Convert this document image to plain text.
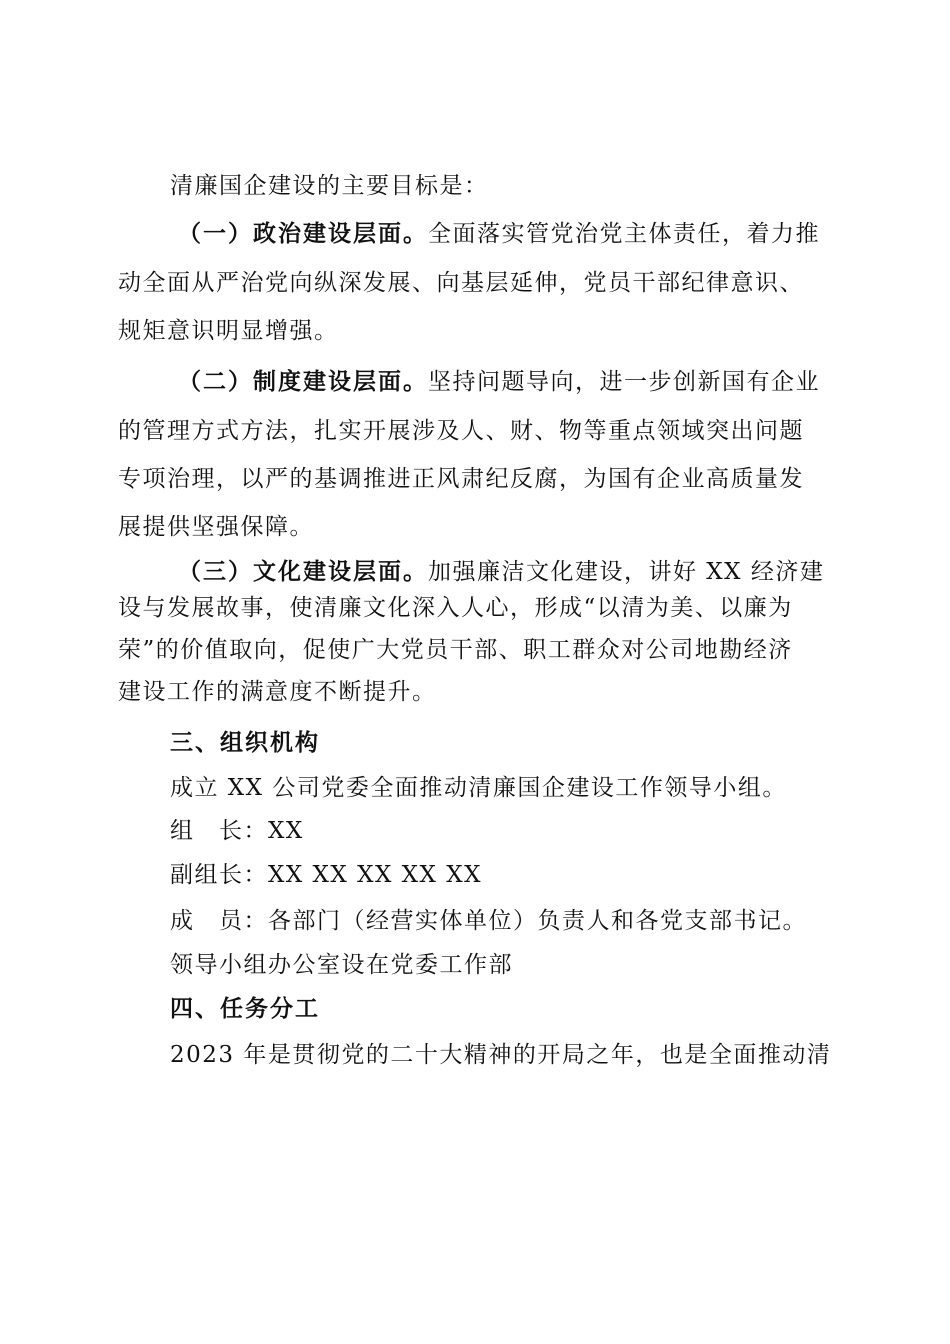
清廉国企建设的主要目标是：
（一）政治建设层面。全面落实管党治党主体责任，着力推
动全面从严治党向纵深发展、向基层延伸，党员干部纪律意识、
规矩意识明显增强。
（二）制度建设层面。坚持问题导向，进一步创新国有企业
的管理方式方法，扎实开展涉及人、财、物等重点领域突出问题
专项治理，以严的基调推进正风肃纪反腐，为国有企业高质量发
展提供坚强保障。
（三）文化建设层面。加强廉洁文化建设，讲好 XX 经济建
设与发展故事，使清廉文化深入人心，形成“以清为美、以廉为
荣”的价值取向，促使广大党员干部、职工群众对公司地勘经济
建设工作的满意度不断提升。
三、组织机构
成立 XX 公司党委全面推动清廉国企建设工作领导小组。
组　长：XX
副组长：XX XX XX XX XX
成　员：各部门（经营实体单位）负责人和各党支部书记。
领导小组办公室设在党委工作部
四、任务分工
2023 年是贯彻党的二十大精神的开局之年，也是全面推动清
